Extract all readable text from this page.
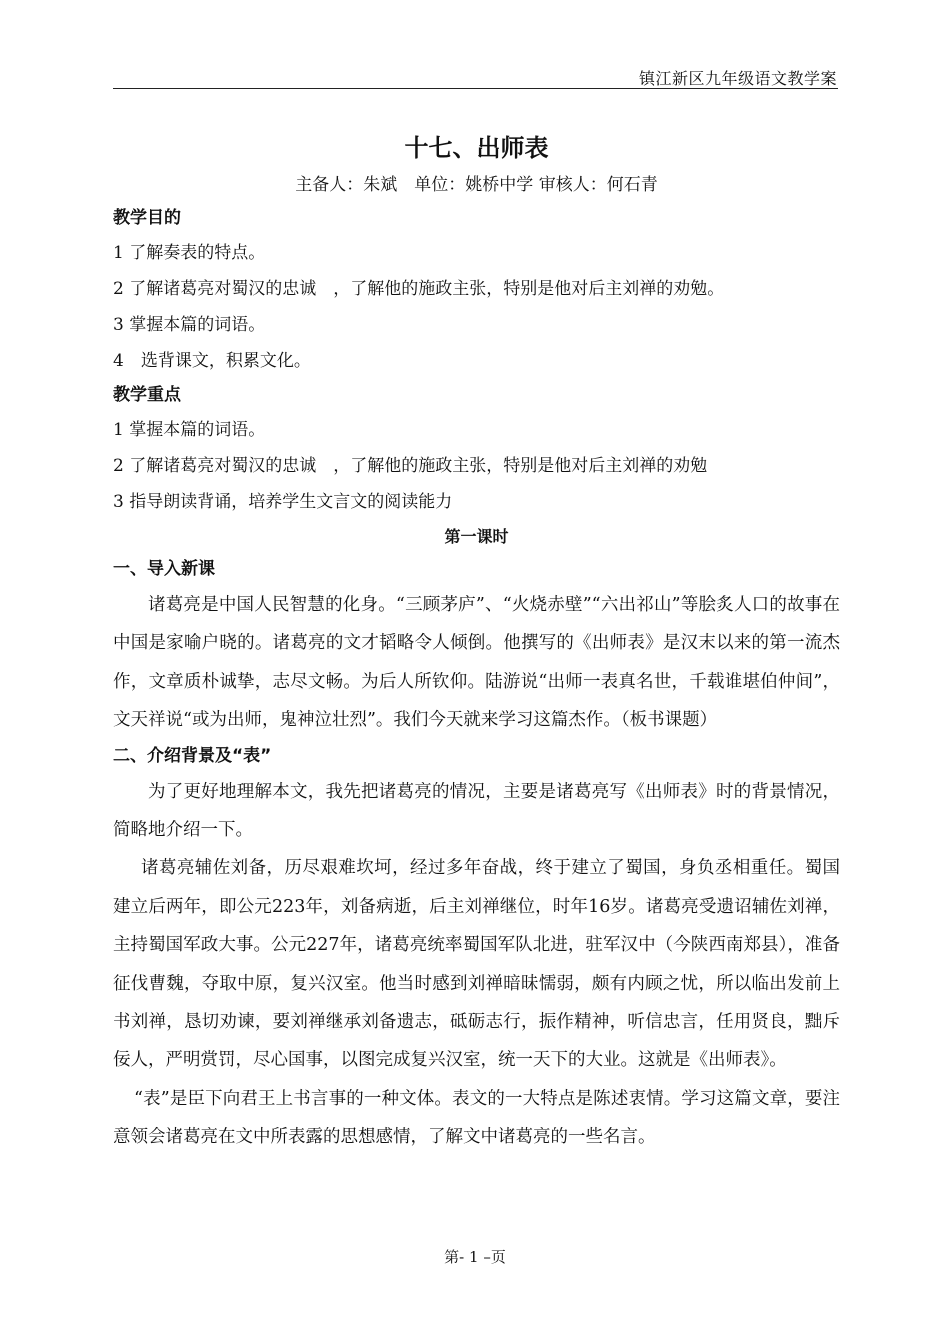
镇江新区九年级语文教学案

十七、出师表

主备人：朱斌　单位：姚桥中学 审核人：何石青

教学目的

1 了解奏表的特点。

2 了解诸葛亮对蜀汉的忠诚　，了解他的施政主张，特别是他对后主刘禅的劝勉。

3 掌握本篇的词语。

4　选背课文，积累文化。

教学重点

1 掌握本篇的词语。

2 了解诸葛亮对蜀汉的忠诚　，了解他的施政主张，特别是他对后主刘禅的劝勉

3 指导朗读背诵，培养学生文言文的阅读能力

第一课时

一、导入新课

诸葛亮是中国人民智慧的化身。“三顾茅庐”、“火烧赤壁”“六出祁山”等脍炙人口的故事在中国是家喻户晓的。诸葛亮的文才韬略令人倾倒。他撰写的《出师表》是汉末以来的第一流杰作，文章质朴诚挚，志尽文畅。为后人所钦仰。陆游说“出师一表真名世，千载谁堪伯仲间”，文天祥说“或为出师，鬼神泣壮烈”。我们今天就来学习这篇杰作。（板书课题）

二、介绍背景及“表”

为了更好地理解本文，我先把诸葛亮的情况，主要是诸葛亮写《出师表》时的背景情况，简略地介绍一下。

诸葛亮辅佐刘备，历尽艰难坎坷，经过多年奋战，终于建立了蜀国，身负丞相重任。蜀国建立后两年，即公元223年，刘备病逝，后主刘禅继位，时年16岁。诸葛亮受遗诏辅佐刘禅，主持蜀国军政大事。公元227年，诸葛亮统率蜀国军队北进，驻军汉中（今陕西南郑县），准备征伐曹魏，夺取中原，复兴汉室。他当时感到刘禅暗昧懦弱，颇有内顾之忧，所以临出发前上书刘禅，恳切劝谏，要刘禅继承刘备遗志，砥砺志行，振作精神，听信忠言，任用贤良，黜斥佞人，严明赏罚，尽心国事，以图完成复兴汉室，统一天下的大业。这就是《出师表》。

“表”是臣下向君王上书言事的一种文体。表文的一大特点是陈述衷情。学习这篇文章，要注意领会诸葛亮在文中所表露的思想感情，了解文中诸葛亮的一些名言。

第- 1 –页
